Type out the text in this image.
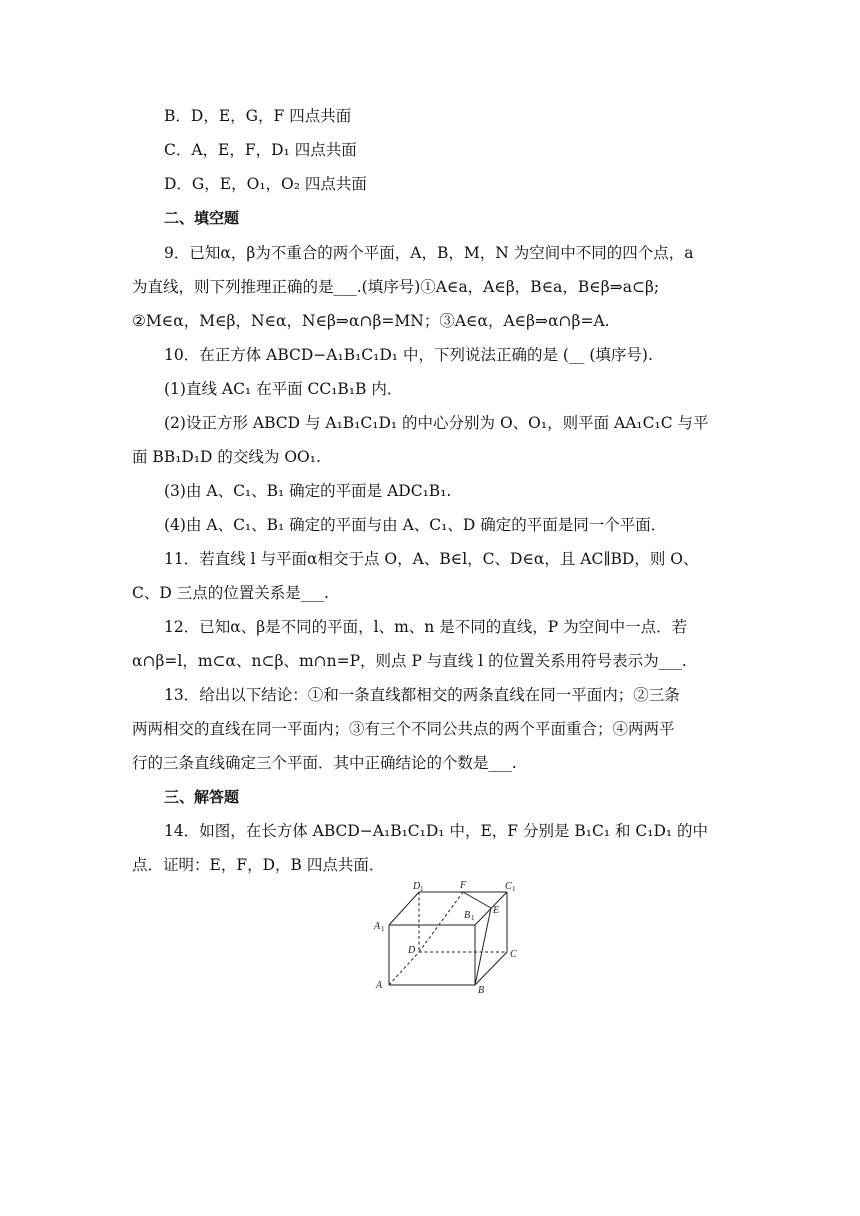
B．D，E，G，F 四点共面
C．A，E，F，D₁ 四点共面
D．G，E，O₁，O₂ 四点共面
二、填空题
9．已知α，β为不重合的两个平面，A，B，M，N 为空间中不同的四个点，a
为直线，则下列推理正确的是___.(填序号)①A∈a，A∈β，B∈a，B∈β⇒a⊂β;
②M∈α，M∈β，N∈α，N∈β⇒α∩β=MN；③A∈α，A∈β⇒α∩β=A.
10．在正方体 ABCD−A₁B₁C₁D₁ 中，下列说法正确的是 (__ (填序号).
(1)直线 AC₁ 在平面 CC₁B₁B 内．
(2)设正方形 ABCD 与 A₁B₁C₁D₁ 的中心分别为 O、O₁，则平面 AA₁C₁C 与平
面 BB₁D₁D 的交线为 OO₁.
(3)由 A、C₁、B₁ 确定的平面是 ADC₁B₁.
(4)由 A、C₁、B₁ 确定的平面与由 A、C₁、D 确定的平面是同一个平面．
11．若直线 l 与平面α相交于点 O，A、B∈l，C、D∈α，且 AC∥BD，则 O、
C、D 三点的位置关系是___.
12．已知α、β是不同的平面，l、m、n 是不同的直线，P 为空间中一点．若
α∩β=l，m⊂α、n⊂β、m∩n=P，则点 P 与直线 l 的位置关系用符号表示为___.
13．给出以下结论：①和一条直线都相交的两条直线在同一平面内；②三条
两两相交的直线在同一平面内；③有三个不同公共点的两个平面重合；④两两平
行的三条直线确定三个平面．其中正确结论的个数是___.
三、解答题
14．如图，在长方体 ABCD−A₁B₁C₁D₁ 中，E，F 分别是 B₁C₁ 和 C₁D₁ 的中
点．证明：E，F，D，B 四点共面．
D 1	F	C 1
B 1
E
A 1
D	C
A	B
